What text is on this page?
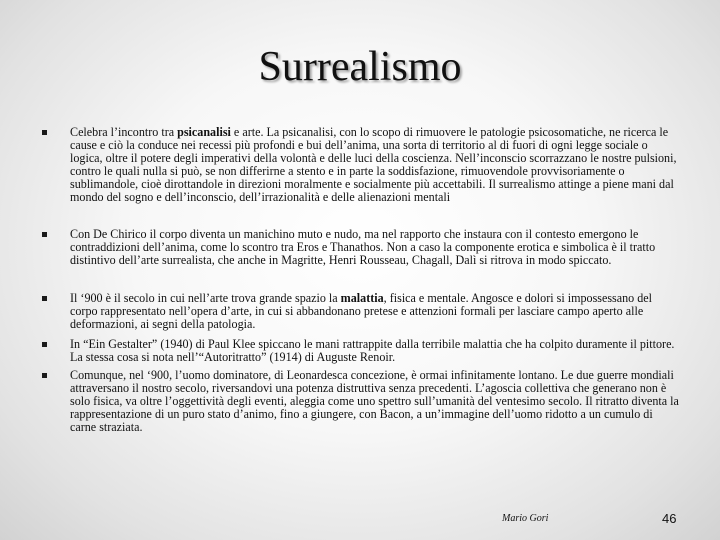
Surrealismo
Celebra l’incontro tra psicanalisi e arte. La psicanalisi, con lo scopo di rimuovere le patologie psicosomatiche, ne ricerca le cause e ciò la conduce nei recessi più profondi e bui dell’anima, una sorta di territorio al di fuori di ogni legge sociale o logica, oltre il potere degli imperativi della volontà e delle luci della coscienza. Nell’inconscio scorrazzano le nostre pulsioni, contro le quali nulla si può, se non differirne a stento e in parte la soddisfazione, rimuovendole provvisoriamente o sublimandole, cioè dirottandole in direzioni moralmente e socialmente più accettabili. Il surrealismo attinge a piene mani dal mondo del sogno e dell’inconscio, dell’irrazionalità e delle alienazioni mentali
Con De Chirico il corpo diventa un manichino muto e nudo, ma nel rapporto che instaura con il contesto emergono le contraddizioni dell’anima, come lo scontro tra Eros e Thanathos. Non a caso la componente erotica e simbolica è il tratto distintivo dell’arte surrealista, che anche in Magritte, Henri Rousseau, Chagall, Dalì si ritrova in modo spiccato.
Il ‘900 è il secolo in cui nell’arte trova grande spazio la malattia, fisica e mentale. Angosce e dolori si impossessano del corpo rappresentato nell’opera d’arte, in cui si abbandonano pretese e attenzioni formali per lasciare campo aperto alle deformazioni, ai segni della patologia.
In “Ein Gestalter” (1940) di Paul Klee spiccano le mani rattrappite dalla terribile malattia che ha colpito duramente il pittore. La stessa cosa si nota nell’“Autoritratto” (1914) di Auguste Renoir.
Comunque, nel ‘900, l’uomo dominatore, di Leonardesca concezione, è ormai infinitamente lontano. Le due guerre mondiali attraversano il nostro secolo, riversandovi una potenza distruttiva senza precedenti. L’agoscia collettiva che generano non è solo fisica, va oltre l’oggettività degli eventi, aleggia come uno spettro sull’umanità del ventesimo secolo. Il ritratto diventa la rappresentazione di un puro stato d’animo, fino a giungere, con Bacon, a un’immagine dell’uomo ridotto a un cumulo di carne straziata.
Mario Gori	46
